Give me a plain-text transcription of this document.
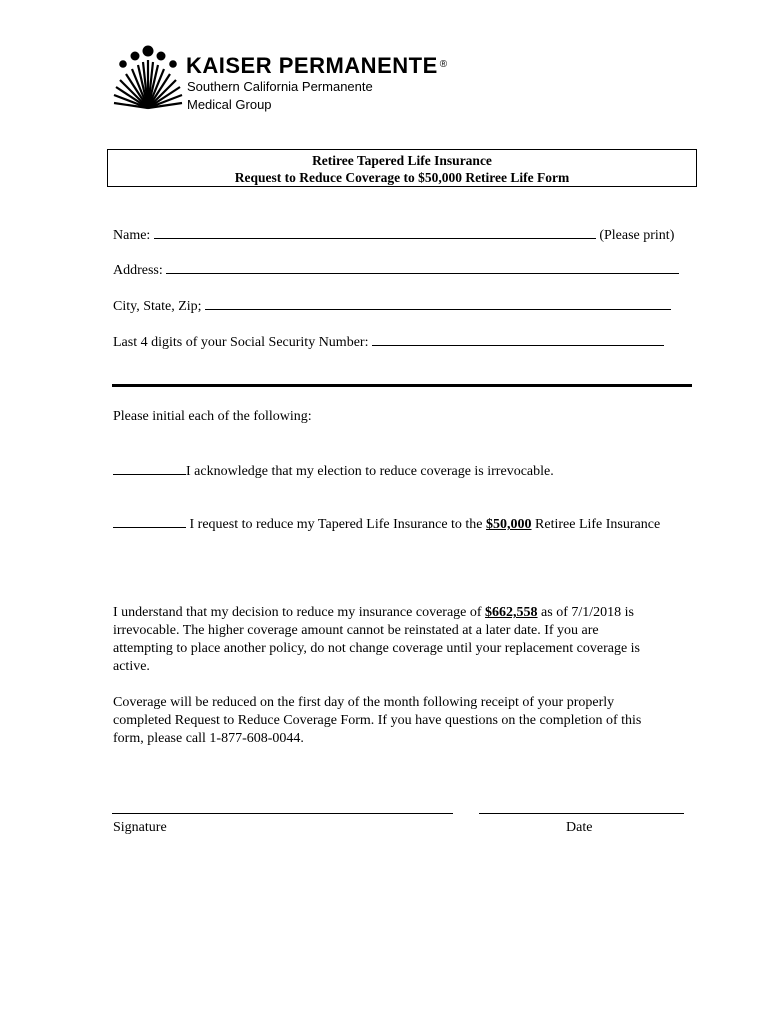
KAISER PERMANENTE ®
Southern California Permanente
Medical Group
Retiree Tapered Life Insurance
Request to Reduce Coverage to $50,000 Retiree Life Form
Name:	(Please print)
Address:
City, State, Zip;
Last 4 digits of your Social Security Number:
Please initial each of the following:
I acknowledge that my election to reduce coverage is irrevocable.
I request to reduce my Tapered Life Insurance to the $50,000 Retiree Life Insurance
I understand that my decision to reduce my insurance coverage of $662,558 as of 7/1/2018 is
irrevocable. The higher coverage amount cannot be reinstated at a later date. If you are
attempting to place another policy, do not change coverage until your replacement coverage is
active.
Coverage will be reduced on the first day of the month following receipt of your properly
completed Request to Reduce Coverage Form. If you have questions on the completion of this
form, please call 1-877-608-0044.
Signature	Date
